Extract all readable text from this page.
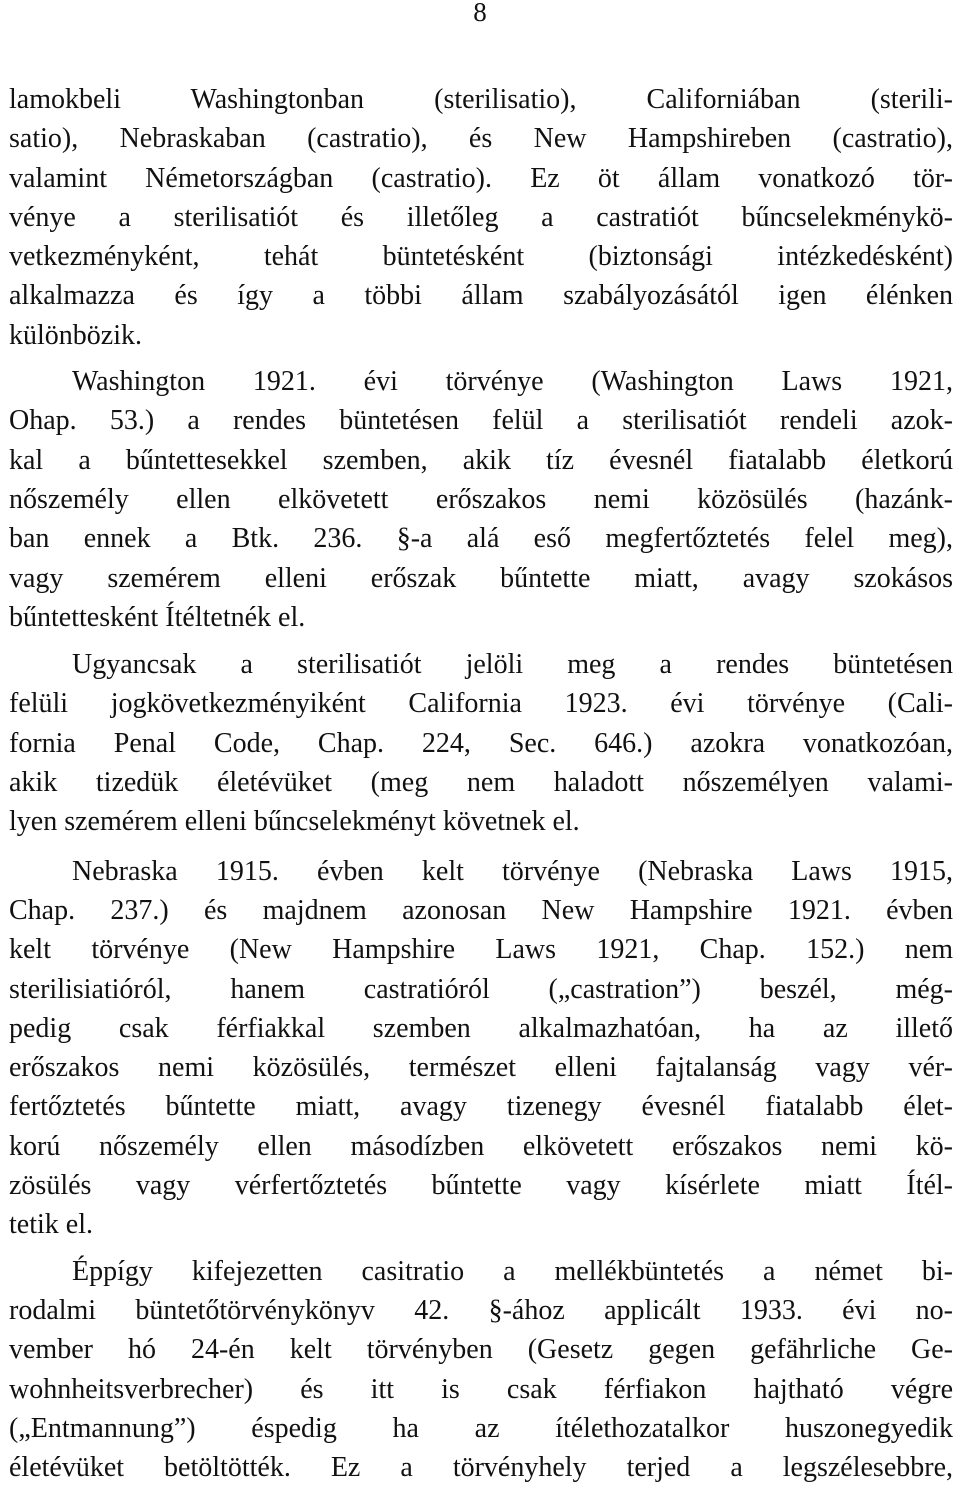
8
lamokbeli Washingtonban (sterilisatio), Californiában (sterili-
satio), Nebraskaban (castratio), és New Hampshireben (castratio),
valamint Németországban (castratio). Ez öt állam vonatkozó tör-
vénye a sterilisatiót és illetőleg a castratiót bűncselekménykö-
vetkezményként, tehát büntetésként (biztonsági intézkedésként)
alkalmazza és így a többi állam szabályozásától igen élénken
különbözik.
Washington 1921. évi törvénye (Washington Laws 1921,
Ohap. 53.) a rendes büntetésen felül a sterilisatiót rendeli azok-
kal a bűntettesekkel szemben, akik tíz évesnél fiatalabb életkorú
nőszemély ellen elkövetett erőszakos nemi közösülés (hazánk-
ban ennek a Btk. 236. §-a alá eső megfertőztetés felel meg),
vagy szemérem elleni erőszak bűntette miatt, avagy szokásos
bűntettesként Ítéltetnék el.
Ugyancsak a sterilisatiót jelöli meg a rendes büntetésen
felüli jogkövetkezményiként California 1923. évi törvénye (Cali-
fornia Penal Code, Chap. 224, Sec. 646.) azokra vonatkozóan,
akik tizedük életévüket (meg nem haladott nőszemélyen valami-
lyen szemérem elleni bűncselekményt követnek el.
Nebraska 1915. évben kelt törvénye (Nebraska Laws 1915,
Chap. 237.) és majdnem azonosan New Hampshire 1921. évben
kelt törvénye (New Hampshire Laws 1921, Chap. 152.) nem
sterilisiatióról, hanem castratióról („castration”) beszél, még-
pedig csak férfiakkal szemben alkalmazhatóan, ha az illető
erőszakos nemi közösülés, természet elleni fajtalanság vagy vér-
fertőztetés bűntette miatt, avagy tizenegy évesnél fiatalabb élet-
korú nőszemély ellen másodízben elkövetett erőszakos nemi kö-
zösülés vagy vérfertőztetés bűntette vagy kísérlete miatt Ítél-
tetik el.
Éppígy kifejezetten casitratio a mellékbüntetés a német bi-
rodalmi büntetőtörvénykönyv 42. §-ához applicált 1933. évi no-
vember hó 24-én kelt törvényben (Gesetz gegen gefährliche Ge-
wohnheitsverbrecher) és itt is csak férfiakon hajtható végre
(„Entmannung”) éspedig ha az ítélethozatalkor huszonegyedik
életévüket betöltötték. Ez a törvényhely terjed a legszélesebbre,
